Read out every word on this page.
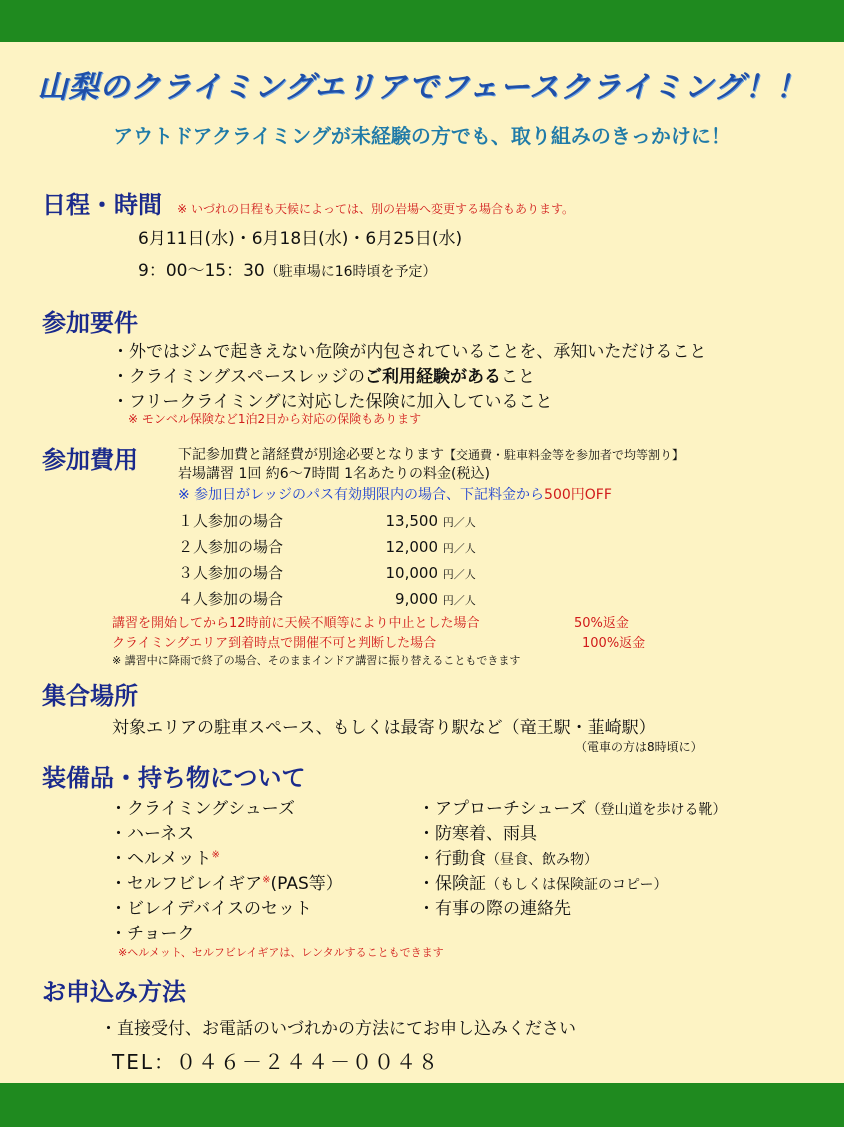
山梨のクライミングエリアでフェースクライミング！！
アウトドアクライミングが未経験の方でも、取り組みのきっかけに！
日程・時間 ※ いづれの日程も天候によっては、別の岩場へ変更する場合もあります。
6月11日(水)・6月18日(水)・6月25日(水)
9：00～15：30（駐車場に16時頃を予定）
参加要件
・外ではジムで起きえない危険が内包されていることを、承知いただけること
・クライミングスペースレッジのご利用経験があること
・フリークライミングに対応した保険に加入していること
※ モンベル保険など1泊2日から対応の保険もあります
参加費用	下記参加費と諸経費が別途必要となります【交通費・駐車料金等を参加者で均等割り】
岩場講習 1回 約6～7時間 1名あたりの料金(税込)
※ 参加日がレッジのパス有効期限内の場合、下記料金から500円OFF
１人参加の場合	13,500 円／人
２人参加の場合	12,000 円／人
３人参加の場合	10,000 円／人
４人参加の場合	9,000 円／人
講習を開始してから12時前に天候不順等により中止とした場合	50%返金
クライミングエリア到着時点で開催不可と判断した場合	100%返金
※ 講習中に降雨で終了の場合、そのままインドア講習に振り替えることもできます
集合場所
対象エリアの駐車スペース、もしくは最寄り駅など（竜王駅・韮崎駅）
（電車の方は8時頃に）
装備品・持ち物について
・クライミングシューズ
・ハーネス
・ヘルメット※
・セルフビレイギア※(PAS等）
・ビレイデバイスのセット
・チョーク
・アプローチシューズ（登山道を歩ける靴）
・防寒着、雨具
・行動食（昼食、飲み物）
・保険証（もしくは保険証のコピー）
・有事の際の連絡先
※ヘルメット、セルフビレイギアは、レンタルすることもできます
お申込み方法
・直接受付、お電話のいづれかの方法にてお申し込みください
TEL：０４６－２４４－００４８
